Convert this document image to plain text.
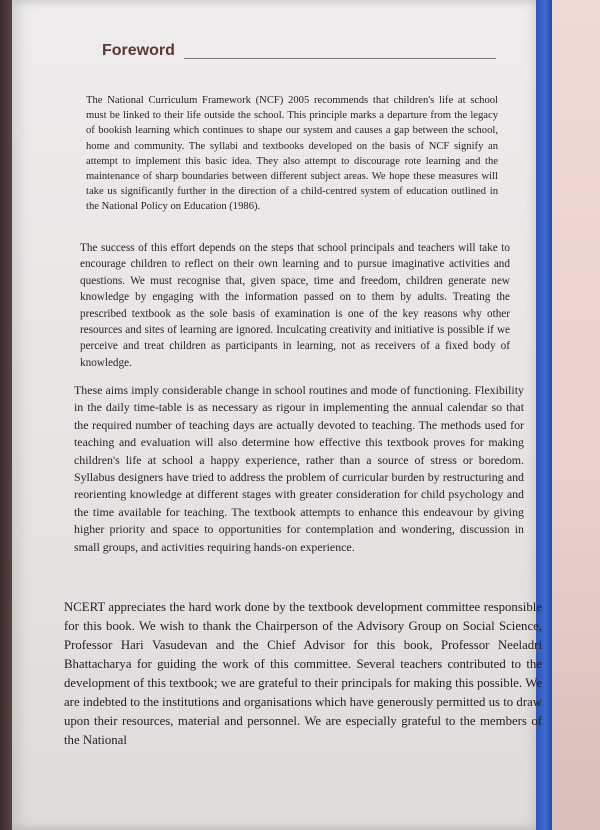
Foreword

The National Curriculum Framework (NCF) 2005 recommends that children's life at school must be linked to their life outside the school. This principle marks a departure from the legacy of bookish learning which continues to shape our system and causes a gap between the school, home and community. The syllabi and textbooks developed on the basis of NCF signify an attempt to implement this basic idea. They also attempt to discourage rote learning and the maintenance of sharp boundaries between different subject areas. We hope these measures will take us significantly further in the direction of a child-centred system of education outlined in the National Policy on Education (1986).

The success of this effort depends on the steps that school principals and teachers will take to encourage children to reflect on their own learning and to pursue imaginative activities and questions. We must recognise that, given space, time and freedom, children generate new knowledge by engaging with the information passed on to them by adults. Treating the prescribed textbook as the sole basis of examination is one of the key reasons why other resources and sites of learning are ignored. Inculcating creativity and initiative is possible if we perceive and treat children as participants in learning, not as receivers of a fixed body of knowledge.

These aims imply considerable change in school routines and mode of functioning. Flexibility in the daily time-table is as necessary as rigour in implementing the annual calendar so that the required number of teaching days are actually devoted to teaching. The methods used for teaching and evaluation will also determine how effective this textbook proves for making children's life at school a happy experience, rather than a source of stress or boredom. Syllabus designers have tried to address the problem of curricular burden by restructuring and reorienting knowledge at different stages with greater consideration for child psychology and the time available for teaching. The textbook attempts to enhance this endeavour by giving higher priority and space to opportunities for contemplation and wondering, discussion in small groups, and activities requiring hands-on experience.

NCERT appreciates the hard work done by the textbook development committee responsible for this book. We wish to thank the Chairperson of the Advisory Group on Social Science, Professor Hari Vasudevan and the Chief Advisor for this book, Professor Neeladri Bhattacharya for guiding the work of this committee. Several teachers contributed to the development of this textbook; we are grateful to their principals for making this possible. We are indebted to the institutions and organisations which have generously permitted us to draw upon their resources, material and personnel. We are especially grateful to the members of the National
